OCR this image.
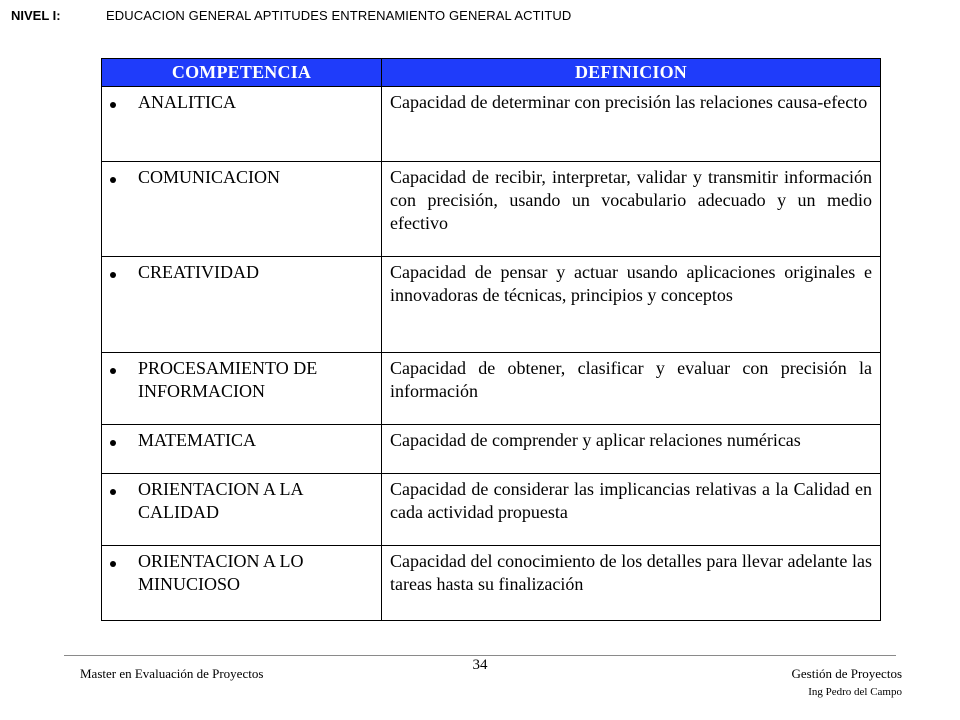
NIVEL I:	EDUCACION GENERAL APTITUDES ENTRENAMIENTO GENERAL ACTITUD
COMPETENCIA	DEFINICION

ANALITICA	Capacidad de determinar con precisión las relaciones causa-efecto

COMUNICACION	Capacidad de recibir, interpretar, validar y transmitir información con precisión, usando un vocabulario adecuado y un medio efectivo

CREATIVIDAD	Capacidad de pensar y actuar usando aplicaciones originales e innovadoras de técnicas, principios y conceptos

PROCESAMIENTO DE INFORMACION	Capacidad de obtener, clasificar y evaluar con precisión la información

MATEMATICA	Capacidad de comprender y aplicar relaciones numéricas

ORIENTACION A LA CALIDAD	Capacidad de considerar las implicancias relativas a la Calidad en cada actividad propuesta

ORIENTACION A LO MINUCIOSO	Capacidad del conocimiento de los detalles para llevar adelante las tareas hasta su finalización
Master en Evaluación de Proyectos
34
Gestión de Proyectos
Ing Pedro del Campo
